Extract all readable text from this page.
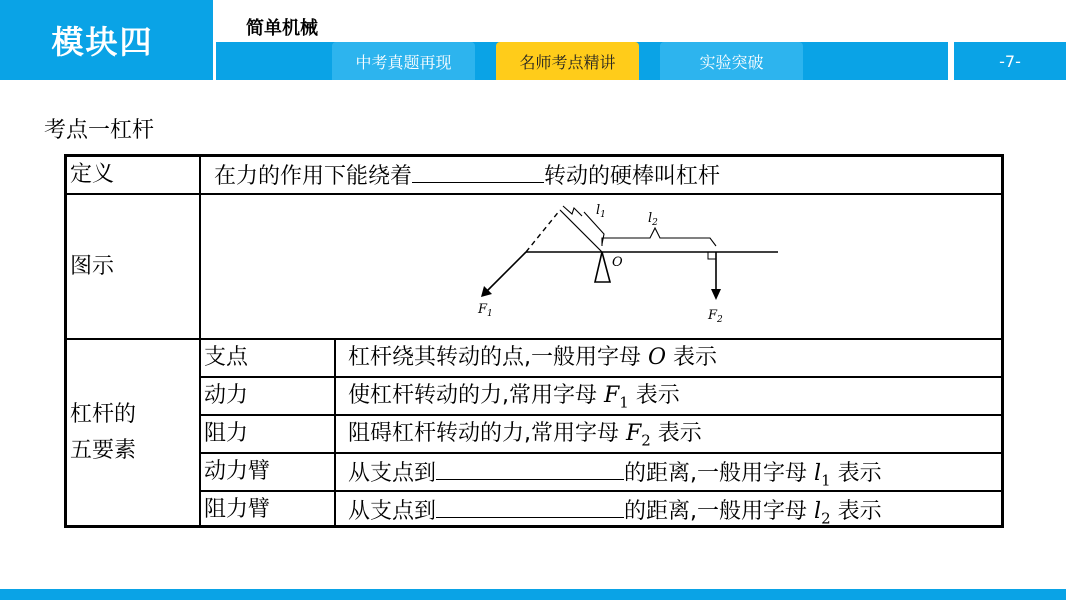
模块四	简单机械
中考真题再现	名师考点精讲	实验突破	-7-
考点一杠杆
定义	在力的作用下能绕着	转动的硬棒叫杠杆
图示
$l_1$	$l_2$
O
$F_1$	$F_2$
杠杆的
五要素
支点	杠杆绕其转动的点,一般用字母 O 表示
动力	使杠杆转动的力,常用字母 $F_1$ 表示
阻力	阻碍杠杆转动的力,常用字母 $F_2$ 表示
动力臂	从支点到	的距离,一般用字母 $l_1$ 表示
阻力臂	从支点到	的距离,一般用字母 $l_2$ 表示
